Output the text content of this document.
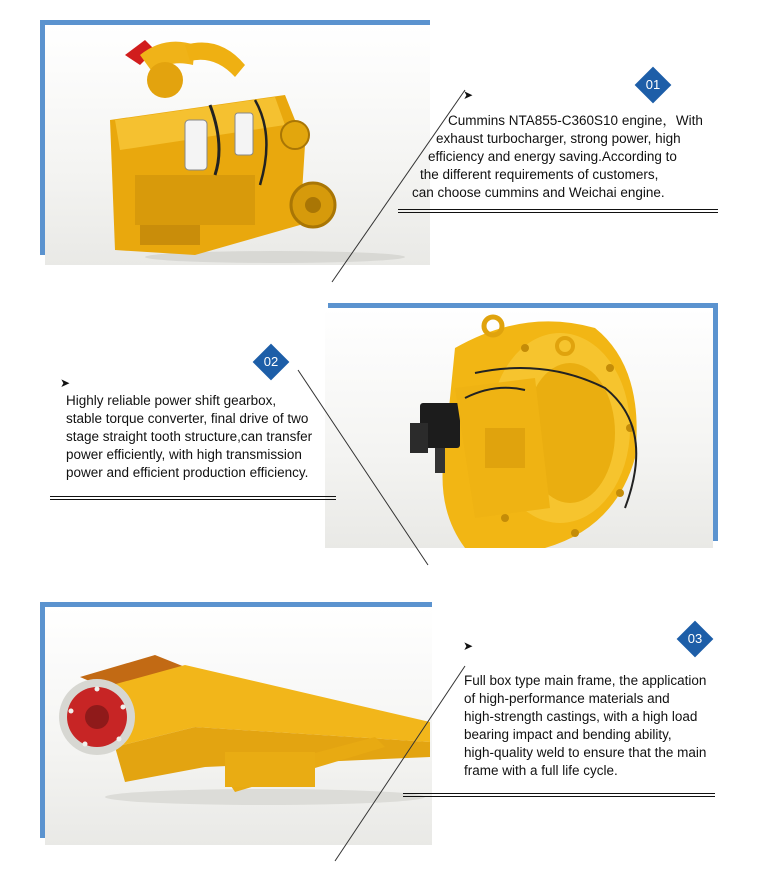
➤
01
Cummins NTA855-C360S10 engine，With
exhaust turbocharger, strong power, high
efficiency and energy saving.According to
the different requirements of customers,
can choose cummins and Weichai engine.
02
➤
Highly reliable power shift gearbox,
stable torque converter, final drive of two
stage straight tooth structure,can transfer
power efficiently, with high transmission
power and efficient production efficiency.
➤	03
Full box type main frame, the application
of high-performance materials and
high-strength castings, with a high load
bearing impact and bending ability,
high-quality weld to ensure that the main
frame with a full life cycle.
